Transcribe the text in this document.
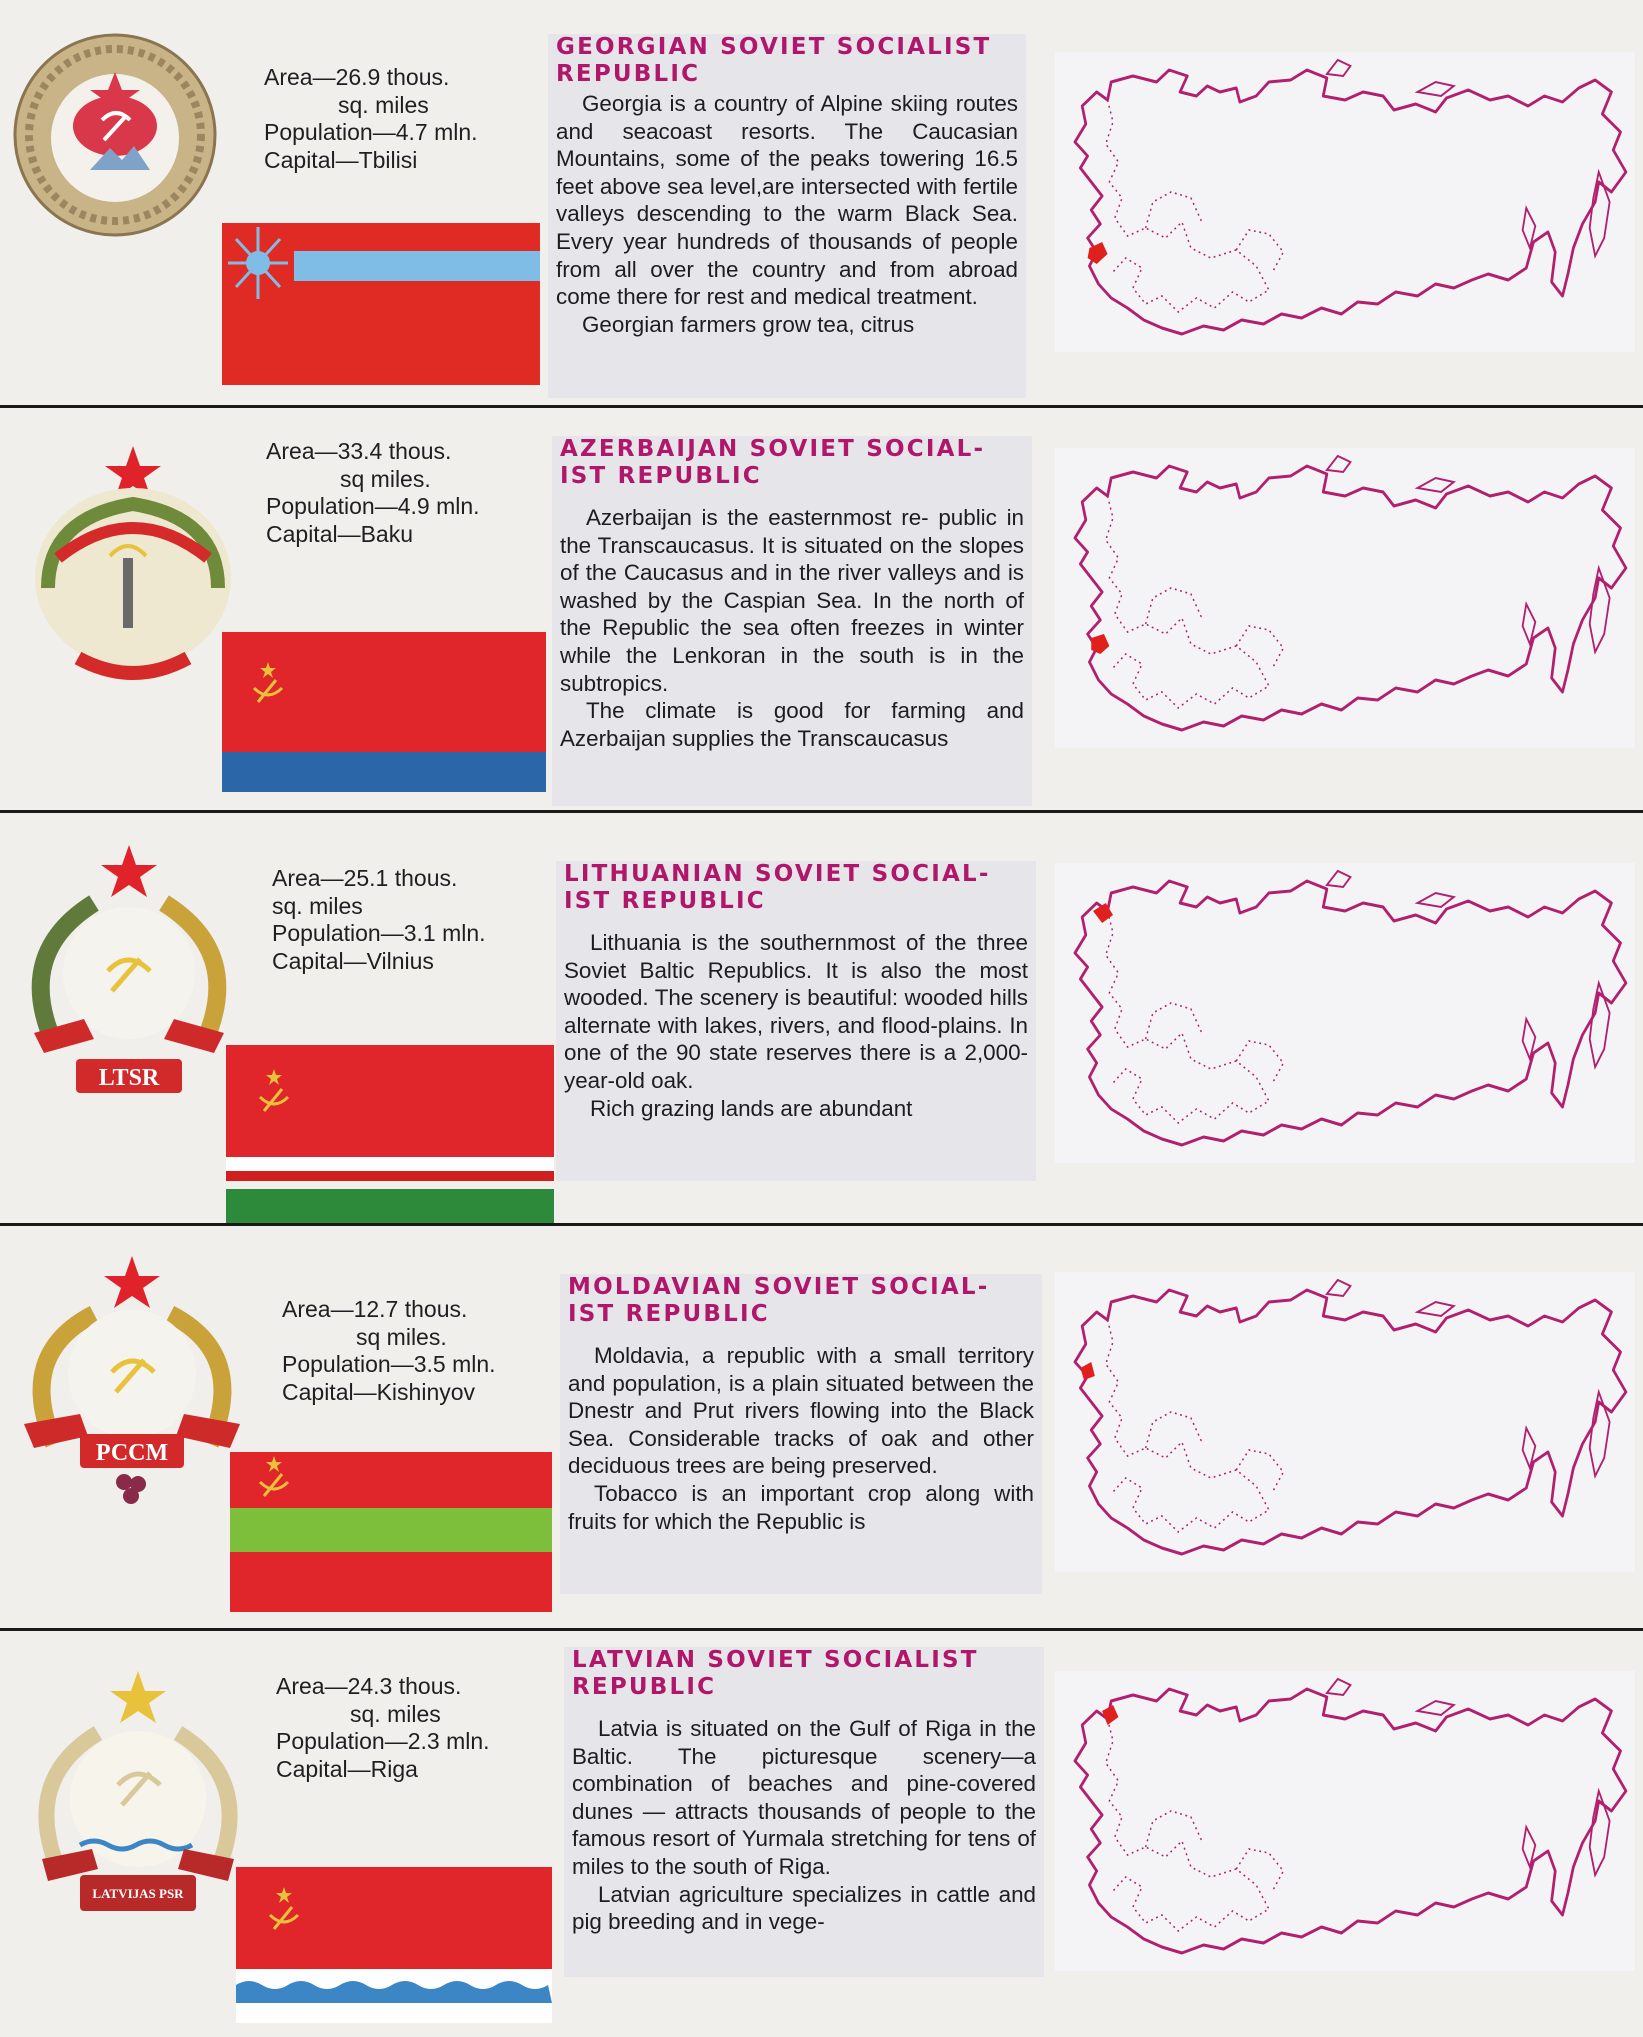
Area—26.9 thous.
sq. miles
Population—4.7 mln.
Capital—Tbilisi
GEORGIAN SOVIET SOCIALIST REPUBLIC

Georgia is a country of Alpine skiing routes and seacoast resorts. The Caucasian Mountains, some of the peaks towering 16.5 feet above sea level,are intersected with fertile valleys descending to the warm Black Sea. Every year hundreds of thousands of people from all over the country and from abroad come there for rest and medical treatment.

Georgian farmers grow tea, citrus

Area—33.4 thous.
sq miles.
Population—4.9 mln.
Capital—Baku
AZERBAIJAN SOVIET SOCIAL- IST REPUBLIC

Azerbaijan is the easternmost re- public in the Transcaucasus. It is situated on the slopes of the Caucasus and in the river valleys and is washed by the Caspian Sea. In the north of the Republic the sea often freezes in winter while the Lenkoran in the south is in the subtropics.

The climate is good for farming and Azerbaijan supplies the Transcaucasus

LTSR
Area—25.1 thous.
sq. miles
Population—3.1 mln.
Capital—Vilnius
LITHUANIAN SOVIET SOCIAL- IST REPUBLIC

Lithuania is the southernmost of the three Soviet Baltic Republics. It is also the most wooded. The scenery is beautiful: wooded hills alternate with lakes, rivers, and flood-plains. In one of the 90 state reserves there is a 2,000-year-old oak.

Rich grazing lands are abundant

РССМ
Area—12.7 thous.
sq miles.
Population—3.5 mln.
Capital—Kishinyov
MOLDAVIAN SOVIET SOCIAL- IST REPUBLIC

Moldavia, a republic with a small territory and population, is a plain situated between the Dnestr and Prut rivers flowing into the Black Sea. Considerable tracks of oak and other deciduous trees are being preserved.

Tobacco is an important crop along with fruits for which the Republic is

LATVIJAS PSR
Area—24.3 thous.
sq. miles
Population—2.3 mln.
Capital—Riga
LATVIAN SOVIET SOCIALIST REPUBLIC

Latvia is situated on the Gulf of Riga in the Baltic. The picturesque scenery—a combination of beaches and pine-covered dunes — attracts thousands of people to the famous resort of Yurmala stretching for tens of miles to the south of Riga.

Latvian agriculture specializes in cattle and pig breeding and in vege-
